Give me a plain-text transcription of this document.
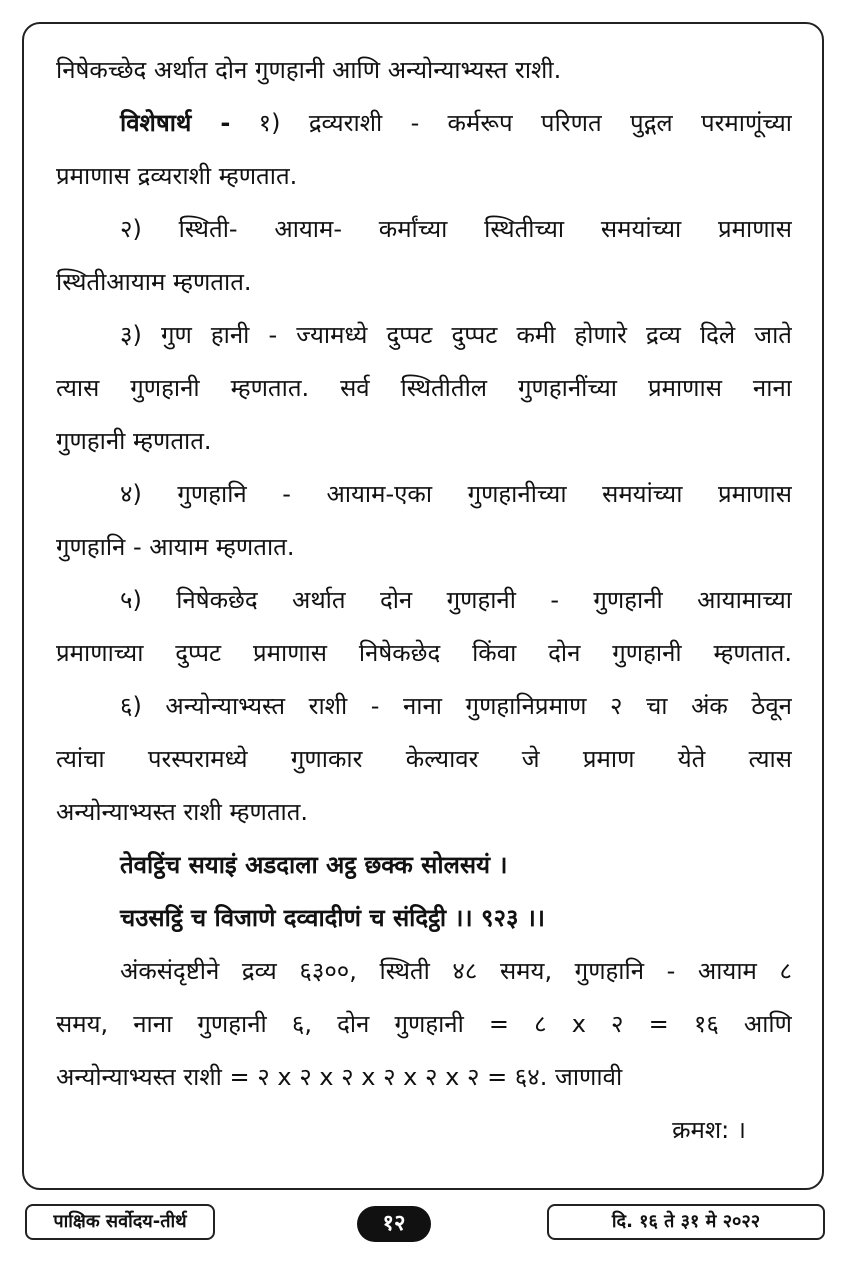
निषेकच्छेद अर्थात दोन गुणहानी आणि अन्योन्याभ्यस्त राशी.
विशेषार्थ - १) द्रव्यराशी - कर्मरूप परिणत पुद्गल परमाणूंच्या
प्रमाणास द्रव्यराशी म्हणतात.
२) स्थिती- आयाम- कर्मांच्या स्थितीच्या समयांच्या प्रमाणास
स्थितीआयाम म्हणतात.
३) गुण हानी - ज्यामध्ये दुप्पट दुप्पट कमी होणारे द्रव्य दिले जाते
त्यास गुणहानी म्हणतात. सर्व स्थितीतील गुणहानींच्या प्रमाणास नाना
गुणहानी म्हणतात.
४) गुणहानि - आयाम-एका गुणहानीच्या समयांच्या प्रमाणास
गुणहानि - आयाम म्हणतात.
५) निषेकछेद अर्थात दोन गुणहानी - गुणहानी आयामाच्या
प्रमाणाच्या दुप्पट प्रमाणास निषेकछेद किंवा दोन गुणहानी म्हणतात.
६) अन्योन्याभ्यस्त राशी - नाना गुणहानिप्रमाण २ चा अंक ठेवून
त्यांचा परस्परामध्ये गुणाकार केल्यावर जे प्रमाण येते त्यास
अन्योन्याभ्यस्त राशी म्हणतात.
तेवट्ठिंच सयाइं अडदाला अट्ठ छक्क सोलसयं ।
चउसट्ठिं च विजाणे दव्वादीणं च संदिट्ठी ।। ९२३ ।।
अंकसंदृष्टीने द्रव्य ६३००, स्थिती ४८ समय, गुणहानि - आयाम ८
समय, नाना गुणहानी ६, दोन गुणहानी = ८ x २ = १६ आणि
अन्योन्याभ्यस्त राशी = २ x २ x २ x २ x २ x २ = ६४. जाणावी
क्रमश: ।
पाक्षिक सर्वोदय-तीर्थ	१२	दि. १६ ते ३१ मे २०२२
